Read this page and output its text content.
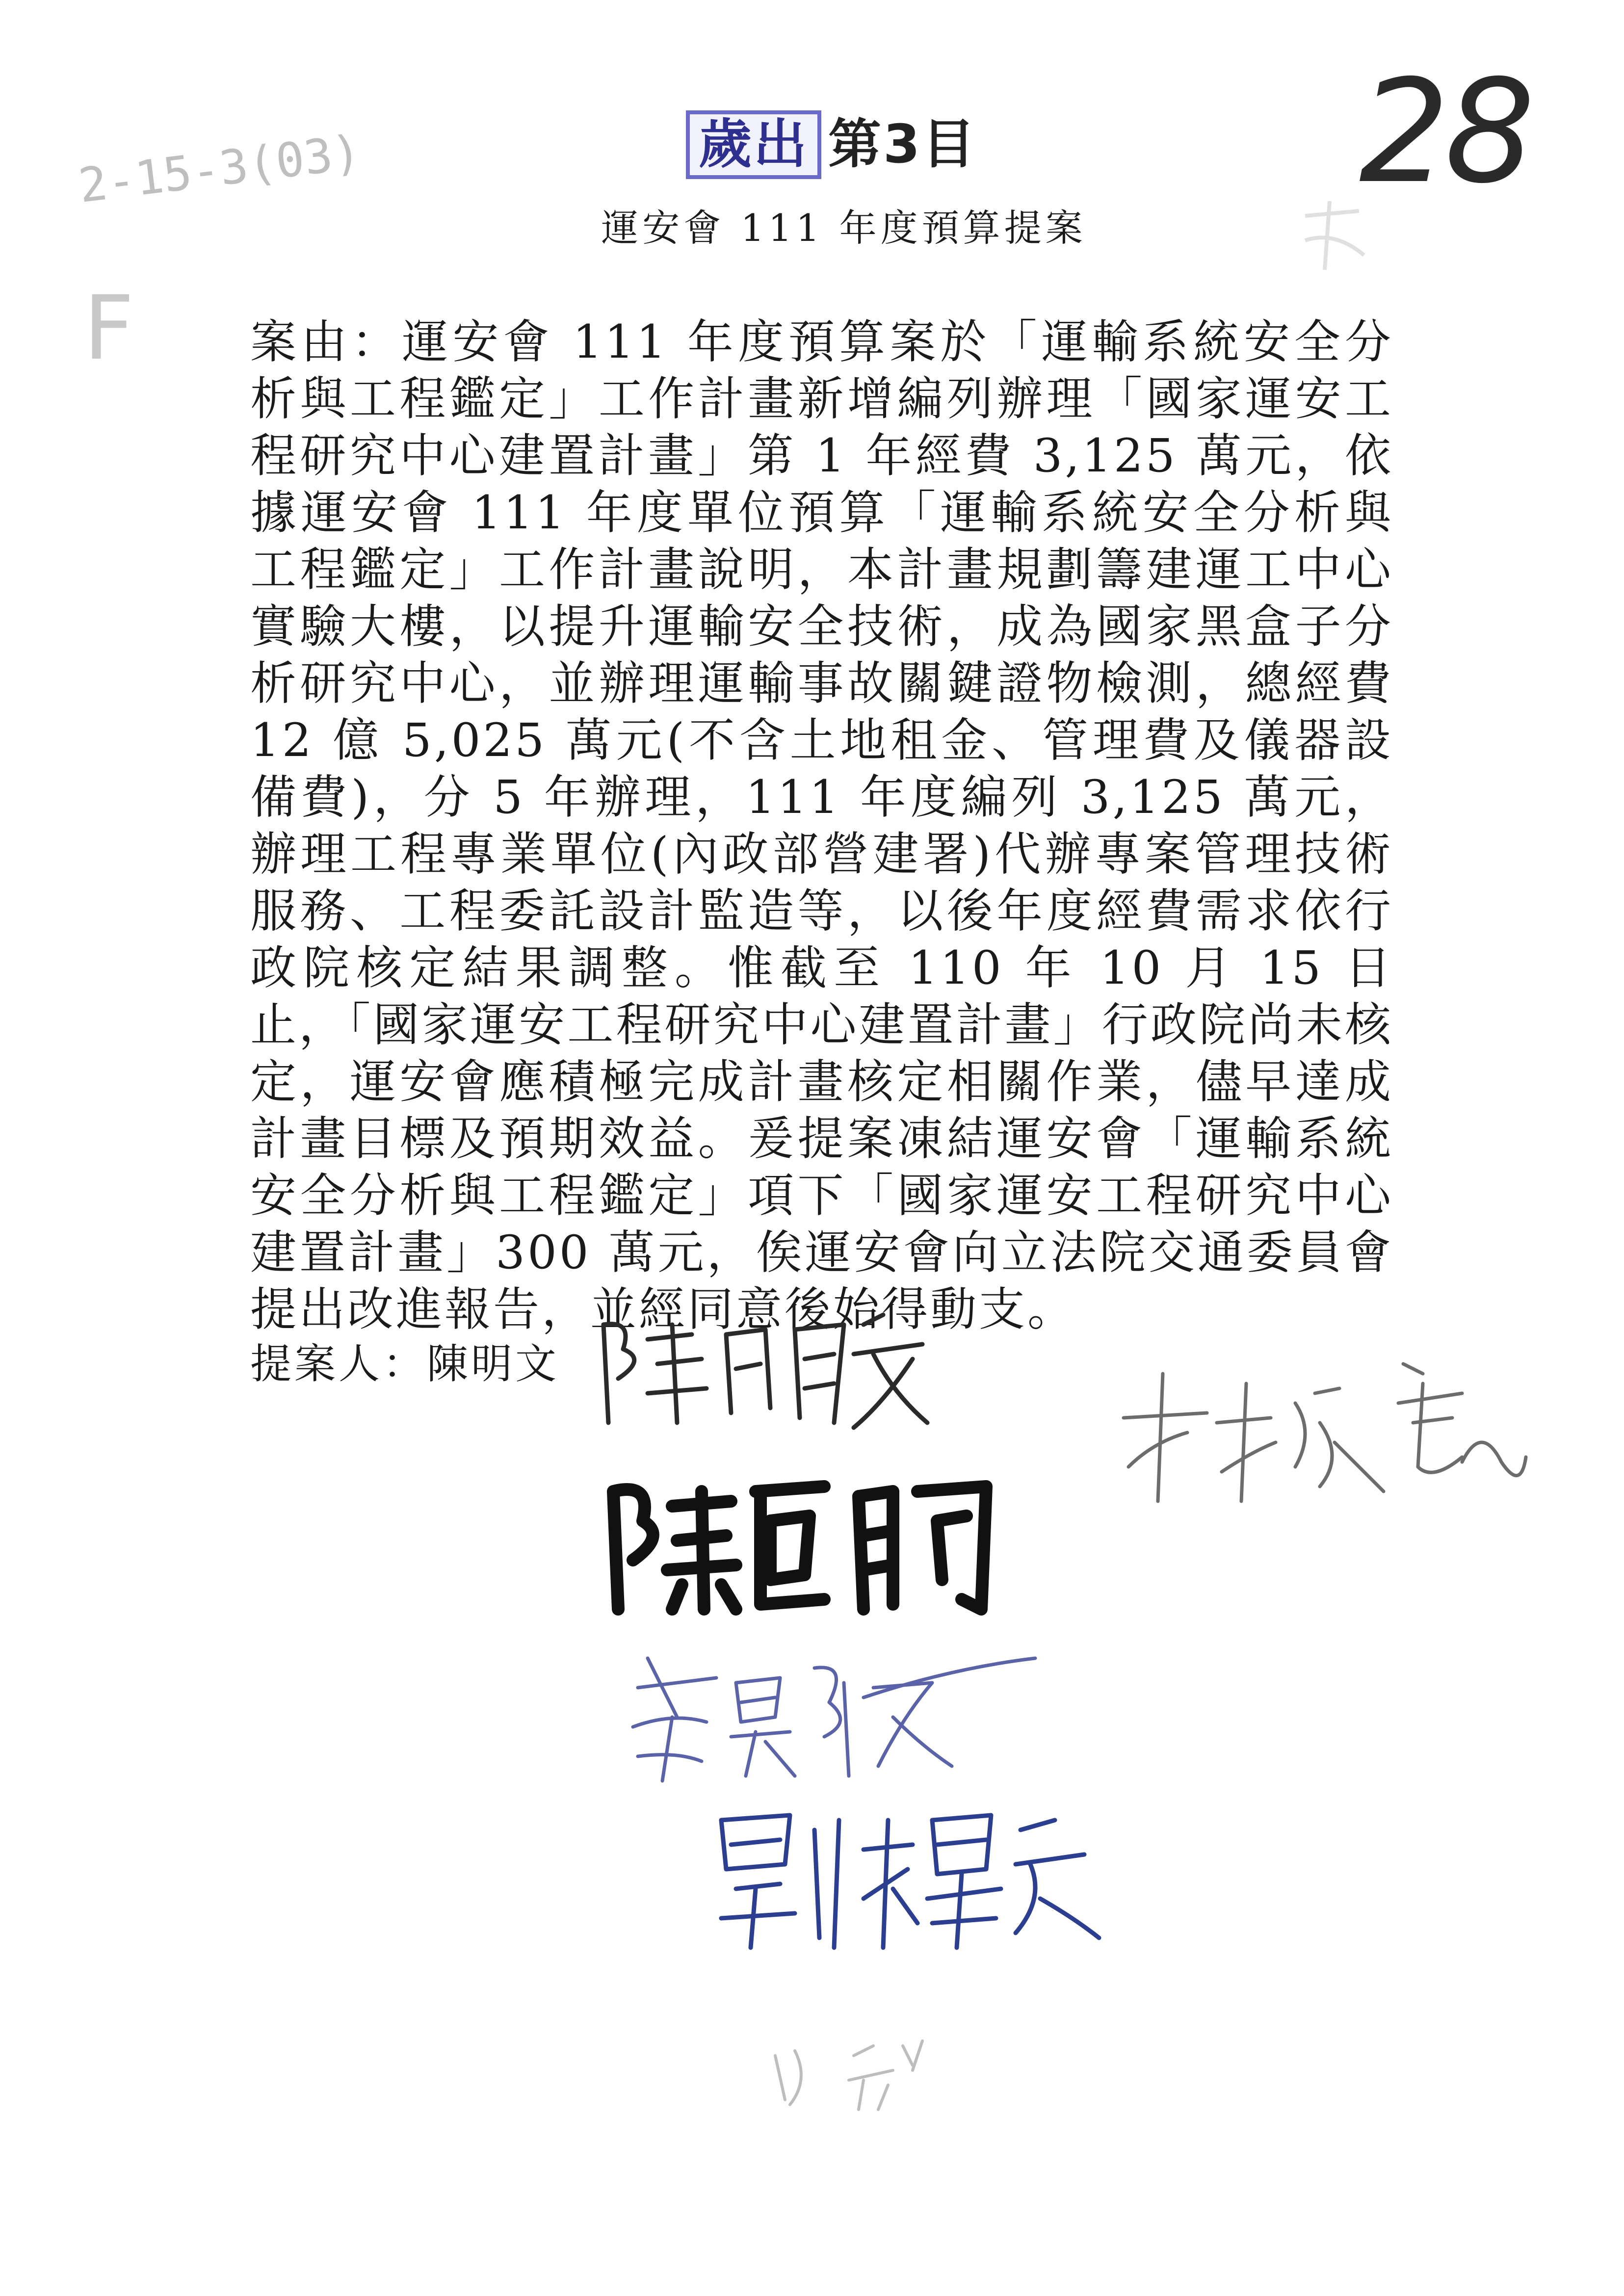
歲出 第3目	28
運安會 111 年度預算提案
2-15-3(03)
F	案由：運安會 111 年度預算案於「運輸系統安全分析與工程鑑定」工作計畫新增編列辦理「國家運安工程研究中心建置計畫」第 1 年經費 3,125 萬元，依據運安會 111 年度單位預算「運輸系統安全分析與工程鑑定」工作計畫說明，本計畫規劃籌建運工中心實驗大樓，以提升運輸安全技術，成為國家黑盒子分析研究中心，並辦理運輸事故關鍵證物檢測，總經費 12 億 5,025 萬元(不含土地租金、管理費及儀器設備費)，分 5 年辦理，111 年度編列 3,125 萬元，辦理工程專業單位(內政部營建署)代辦專案管理技術服務、工程委託設計監造等，以後年度經費需求依行政院核定結果調整。惟截至 110 年 10 月 15 日止，「國家運安工程研究中心建置計畫」行政院尚未核定，運安會應積極完成計畫核定相關作業，儘早達成計畫目標及預期效益。爰提案凍結運安會「運輸系統安全分析與工程鑑定」項下「國家運安工程研究中心建置計畫」300 萬元，俟運安會向立法院交通委員會提出改進報告，並經同意後始得動支。

提案人：陳明文
